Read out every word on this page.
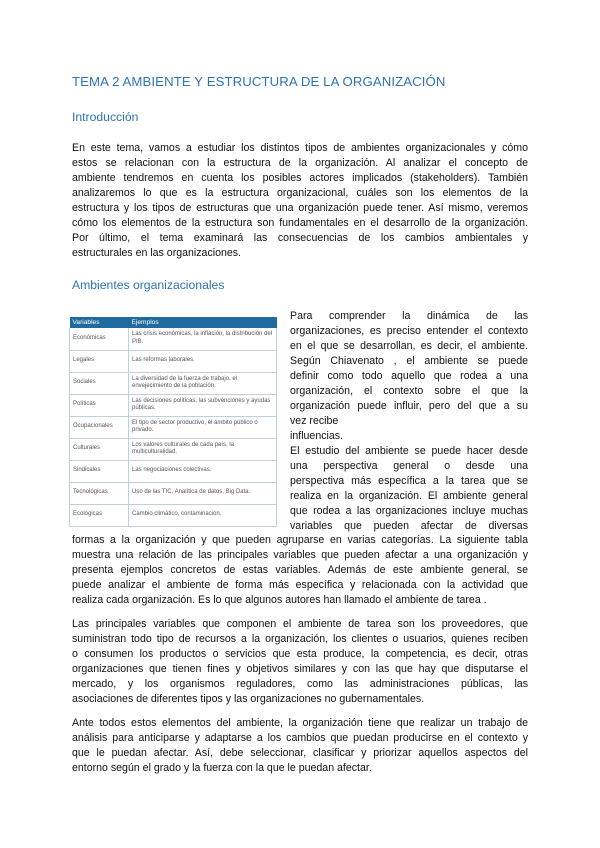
TEMA 2 AMBIENTE Y ESTRUCTURA DE LA ORGANIZACIÓN
Introducción
En este tema, vamos a estudiar los distintos tipos de ambientes organizacionales y cómo
estos se relacionan con la estructura de la organización. Al analizar el concepto de
ambiente tendremos en cuenta los posibles actores implicados (stakeholders). También
analizaremos lo que es la estructura organizacional, cuáles son los elementos de la
estructura y los tipos de estructuras que una organización puede tener. Así mismo, veremos
cómo los elementos de la estructura son fundamentales en el desarrollo de la organización.
Por último, el tema examinará las consecuencias de los cambios ambientales y
estructurales en las organizaciones.
Ambientes organizacionales
Variables	Ejemplos
Económicas	Las crisis económicas, la inflación, la distribución del PIB.
Legales	Las reformas laborales.
Sociales	La diversidad de la fuerza de trabajo, el envejecimiento de la población.
Políticas	Las decisiones políticas, las subvenciones y ayudas públicas.
Ocupacionales	El tipo de sector productivo, el ámbito público o privado.
Culturales	Los valores culturales de cada país, la multiculturalidad.
Sindicales	Las negociaciones colectivas.
Tecnológicas	Uso de las TIC, Analítica de datos, Big Data.
Ecológicas	Cambio climático, contaminación.
Para comprender la dinámica de las
organizaciones, es preciso entender el contexto
en el que se desarrollan, es decir, el ambiente.
Según Chiavenato , el ambiente se puede
definir como todo aquello que rodea a una
organización, el contexto sobre el que la
organización puede influir, pero del que a su
vez recibe
influencias.
El estudio del ambiente se puede hacer desde
una perspectiva general o desde una
perspectiva más específica a la tarea que se
realiza en la organización. El ambiente general
que rodea a las organizaciones incluye muchas
variables que pueden afectar de diversas
formas a la organización y que pueden agruparse en varias categorías. La siguiente tabla
muestra una relación de las principales variables que pueden afectar a una organización y
presenta ejemplos concretos de estas variables. Además de este ambiente general, se
puede analizar el ambiente de forma más específica y relacionada con la actividad que
realiza cada organización. Es lo que algunos autores han llamado el ambiente de tarea .
Las principales variables que componen el ambiente de tarea son los proveedores, que
suministran todo tipo de recursos a la organización, los clientes o usuarios, quienes reciben
o consumen los productos o servicios que esta produce, la competencia, es decir, otras
organizaciones que tienen fines y objetivos similares y con las que hay que disputarse el
mercado, y los organismos reguladores, como las administraciones públicas, las
asociaciones de diferentes tipos y las organizaciones no gubernamentales.
Ante todos estos elementos del ambiente, la organización tiene que realizar un trabajo de
análisis para anticiparse y adaptarse a los cambios que puedan producirse en el contexto y
que le puedan afectar. Así, debe seleccionar, clasificar y priorizar aquellos aspectos del
entorno según el grado y la fuerza con la que le puedan afectar.
